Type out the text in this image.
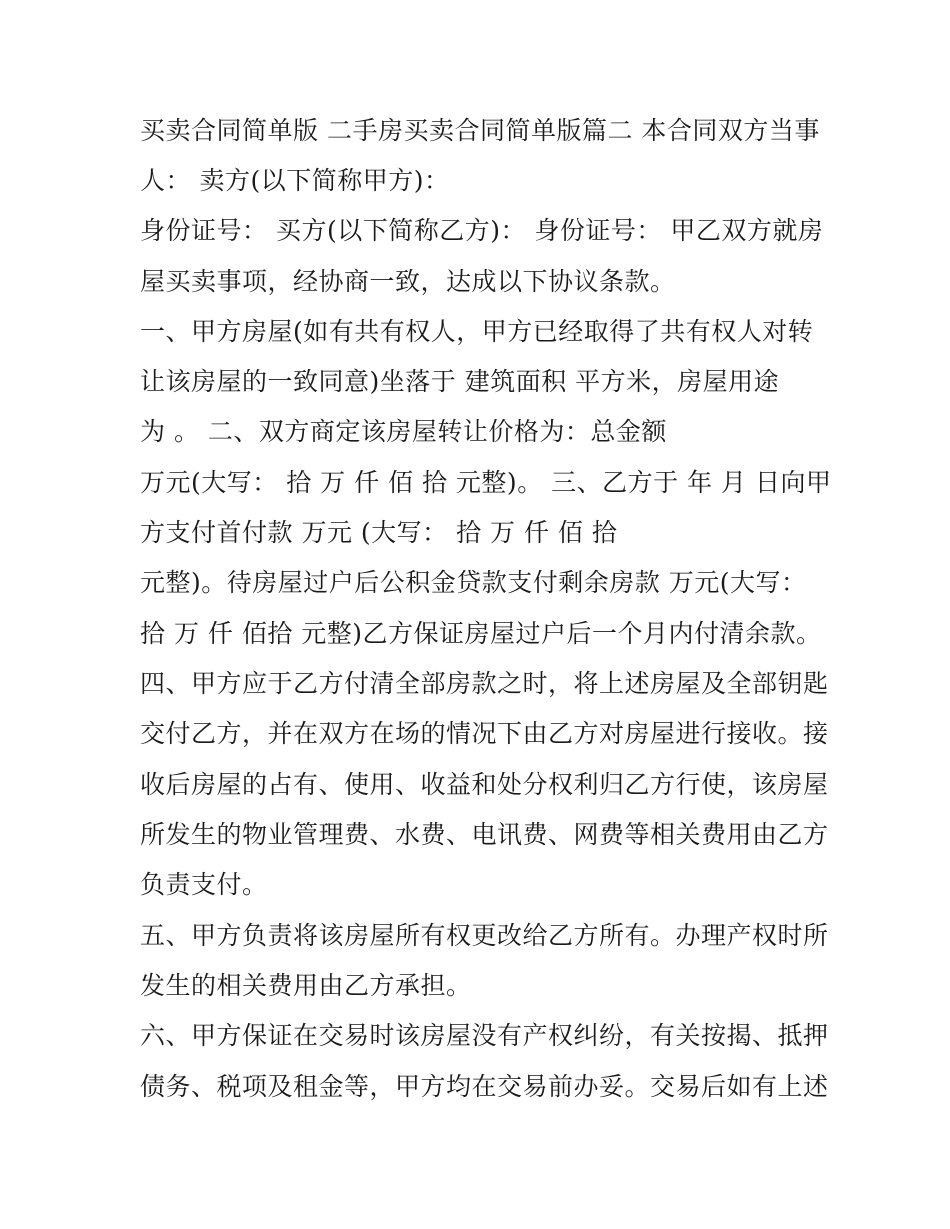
买卖合同简单版 二手房买卖合同简单版篇二 本合同双方当事
人： 卖方(以下简称甲方)：
身份证号： 买方(以下简称乙方)： 身份证号： 甲乙双方就房
屋买卖事项，经协商一致，达成以下协议条款。
一、甲方房屋(如有共有权人，甲方已经取得了共有权人对转
让该房屋的一致同意)坐落于 建筑面积 平方米，房屋用途
为 。 二、双方商定该房屋转让价格为：总金额
万元(大写： 拾 万 仟 佰 拾 元整)。 三、乙方于 年 月 日向甲
方支付首付款 万元 (大写： 拾 万 仟 佰 拾
元整)。待房屋过户后公积金贷款支付剩余房款 万元(大写：
拾 万 仟 佰拾 元整)乙方保证房屋过户后一个月内付清余款。
四、甲方应于乙方付清全部房款之时，将上述房屋及全部钥匙
交付乙方，并在双方在场的情况下由乙方对房屋进行接收。接
收后房屋的占有、使用、收益和处分权利归乙方行使，该房屋
所发生的物业管理费、水费、电讯费、网费等相关费用由乙方
负责支付。
五、甲方负责将该房屋所有权更改给乙方所有。办理产权时所
发生的相关费用由乙方承担。
六、甲方保证在交易时该房屋没有产权纠纷，有关按揭、抵押
债务、税项及租金等，甲方均在交易前办妥。交易后如有上述
